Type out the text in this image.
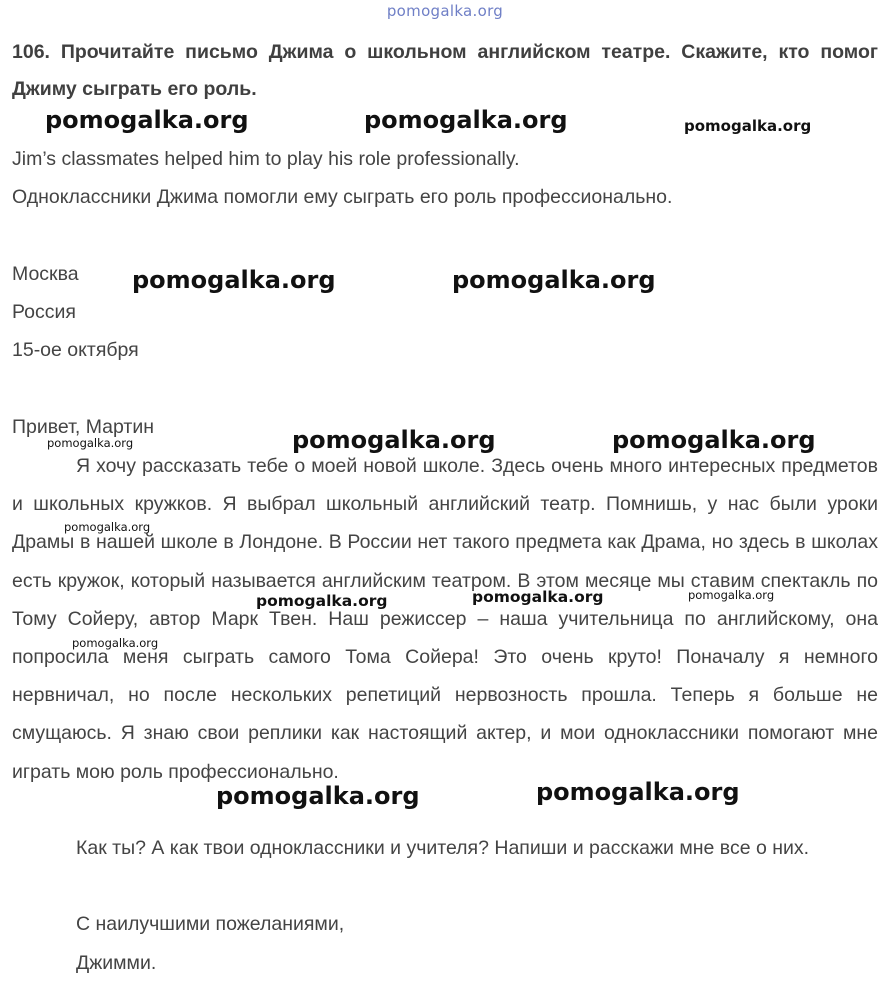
pomogalka.org
106. Прочитайте письмо Джима о школьном английском театре. Скажите, кто помог Джиму сыграть его роль.
Jim’s classmates helped him to play his role professionally.
Одноклассники Джима помогли ему сыграть его роль профессионально.
Москва
Россия
15-ое октября
Привет, Мартин
Я хочу рассказать тебе о моей новой школе. Здесь очень много интересных предметов и школьных кружков. Я выбрал школьный английский театр. Помнишь, у нас были уроки Драмы в нашей школе в Лондоне. В России нет такого предмета как Драма, но здесь в школах есть кружок, который называется английским театром. В этом месяце мы ставим спектакль по Тому Сойеру, автор Марк Твен. Наш режиссер – наша учительница по английскому, она попросила меня сыграть самого Тома Сойера! Это очень круто! Поначалу я немного нервничал, но после нескольких репетиций нервозность прошла. Теперь я больше не смущаюсь. Я знаю свои реплики как настоящий актер, и мои одноклассники помогают мне играть мою роль профессионально.
Как ты? А как твои одноклассники и учителя? Напиши и расскажи мне все о них.
С наилучшими пожеланиями,
Джимми.
pomogalka.org	pomogalka.org	pomogalka.org
pomogalka.org	pomogalka.org
pomogalka.org	pomogalka.org	pomogalka.org
pomogalka.org
pomogalka.org	pomogalka.org	pomogalka.org
pomogalka.org
pomogalka.org	pomogalka.org
